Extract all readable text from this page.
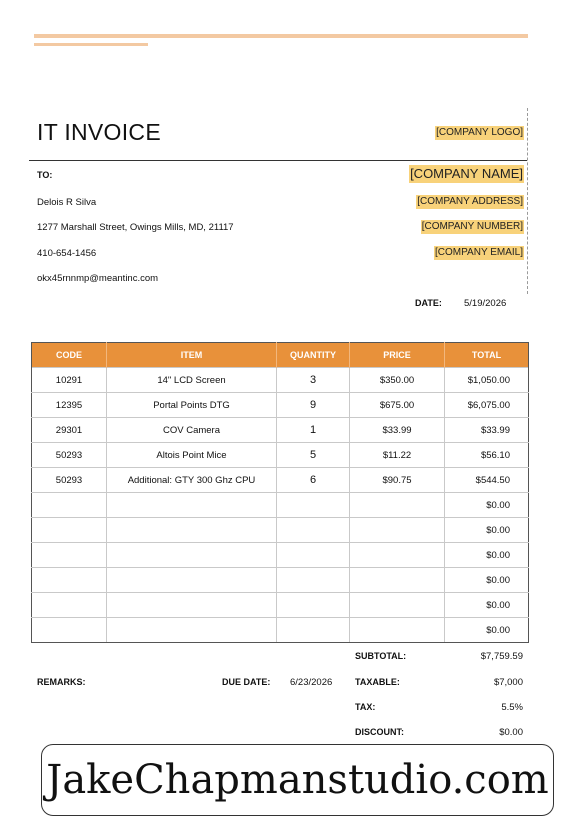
IT INVOICE	[COMPANY LOGO]
TO:	[COMPANY NAME]
Delois R Silva	[COMPANY ADDRESS]
1277 Marshall Street, Owings Mills, MD, 21117	[COMPANY NUMBER]
410-654-1456	[COMPANY EMAIL]
okx45rnnmp@meantinc.com
DATE: 5/19/2026
CODE	ITEM	QUANTITY	PRICE	TOTAL
10291	14" LCD Screen	3	$350.00	$1,050.00
12395	Portal Points DTG	9	$675.00	$6,075.00
29301	COV Camera	1	$33.99	$33.99
50293	Altois Point Mice	5	$11.22	$56.10
50293	Additional: GTY 300 Ghz CPU	6	$90.75	$544.50
				$0.00
				$0.00
				$0.00
				$0.00
				$0.00
				$0.00
SUBTOTAL:	$7,759.59
REMARKS:	DUE DATE: 6/23/2026	TAXABLE:	$7,000
TAX:	5.5%
DISCOUNT:	$0.00
JakeChapmanstudio.com
